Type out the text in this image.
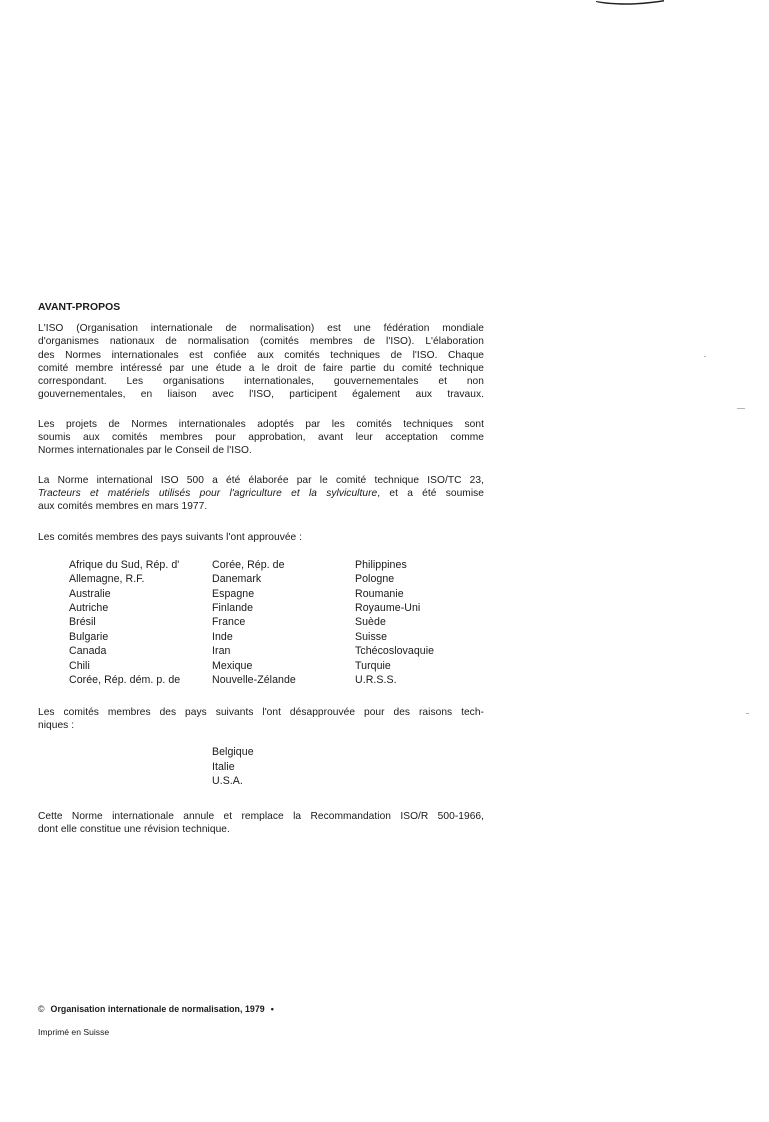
AVANT-PROPOS

L'ISO (Organisation internationale de normalisation) est une fédération mondiale
d'organismes nationaux de normalisation (comités membres de l'ISO). L'élaboration
des Normes internationales est confiée aux comités techniques de l'ISO. Chaque
comité membre intéressé par une étude a le droit de faire partie du comité technique
correspondant. Les organisations internationales, gouvernementales et non
gouvernementales, en liaison avec l'ISO, participent également aux travaux.

Les projets de Normes internationales adoptés par les comités techniques sont
soumis aux comités membres pour approbation, avant leur acceptation comme
Normes internationales par le Conseil de l'ISO.

La Norme international ISO 500 a été élaborée par le comité technique ISO/TC 23,
Tracteurs et matériels utilisés pour l'agriculture et la sylviculture, et a été soumise
aux comités membres en mars 1977.

Les comités membres des pays suivants l'ont approuvée :

Afrique du Sud, Rép. d'
Allemagne, R.F.
Australie
Autriche
Brésil
Bulgarie
Canada
Chili
Corée, Rép. dém. p. de
Corée, Rép. de
Danemark
Espagne
Finlande
France
Inde
Iran
Mexique
Nouvelle-Zélande
Philippines
Pologne
Roumanie
Royaume-Uni
Suède
Suisse
Tchécoslovaquie
Turquie
U.R.S.S.

Les comités membres des pays suivants l'ont désapprouvée pour des raisons tech-
niques :

Belgique
Italie
U.S.A.

Cette Norme internationale annule et remplace la Recommandation ISO/R 500-1966,
dont elle constitue une révision technique.

© Organisation internationale de normalisation, 1979 •
Imprimé en Suisse
